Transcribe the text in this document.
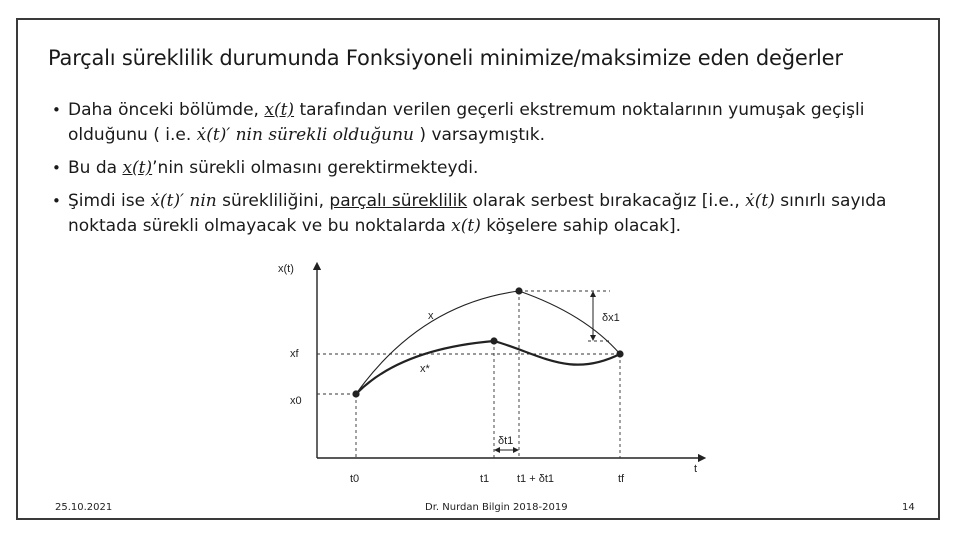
Parçalı süreklilik durumunda Fonksiyoneli minimize/maksimize eden değerler
• Daha önceki bölümde, x(t) tarafından verilen geçerli ekstremum noktalarının yumuşak geçişli olduğunu ( i.e. ẋ(t)′ nin sürekli olduğunu ) varsaymıştık.
• Bu da x(t)’nin sürekli olmasını gerektirmekteydi.
• Şimdi ise ẋ(t)′ nin sürekliliğini, parçalı süreklilik olarak serbest bırakacağız [i.e., ẋ(t) sınırlı sayıda noktada sürekli olmayacak ve bu noktalarda x(t) köşelere sahip olacak].
x(t)
t
xf
x0
t0	t1	t1 + δt1	tf
x
x*
δx1
δt1
25.10.2021	Dr. Nurdan Bilgin 2018-2019	14
